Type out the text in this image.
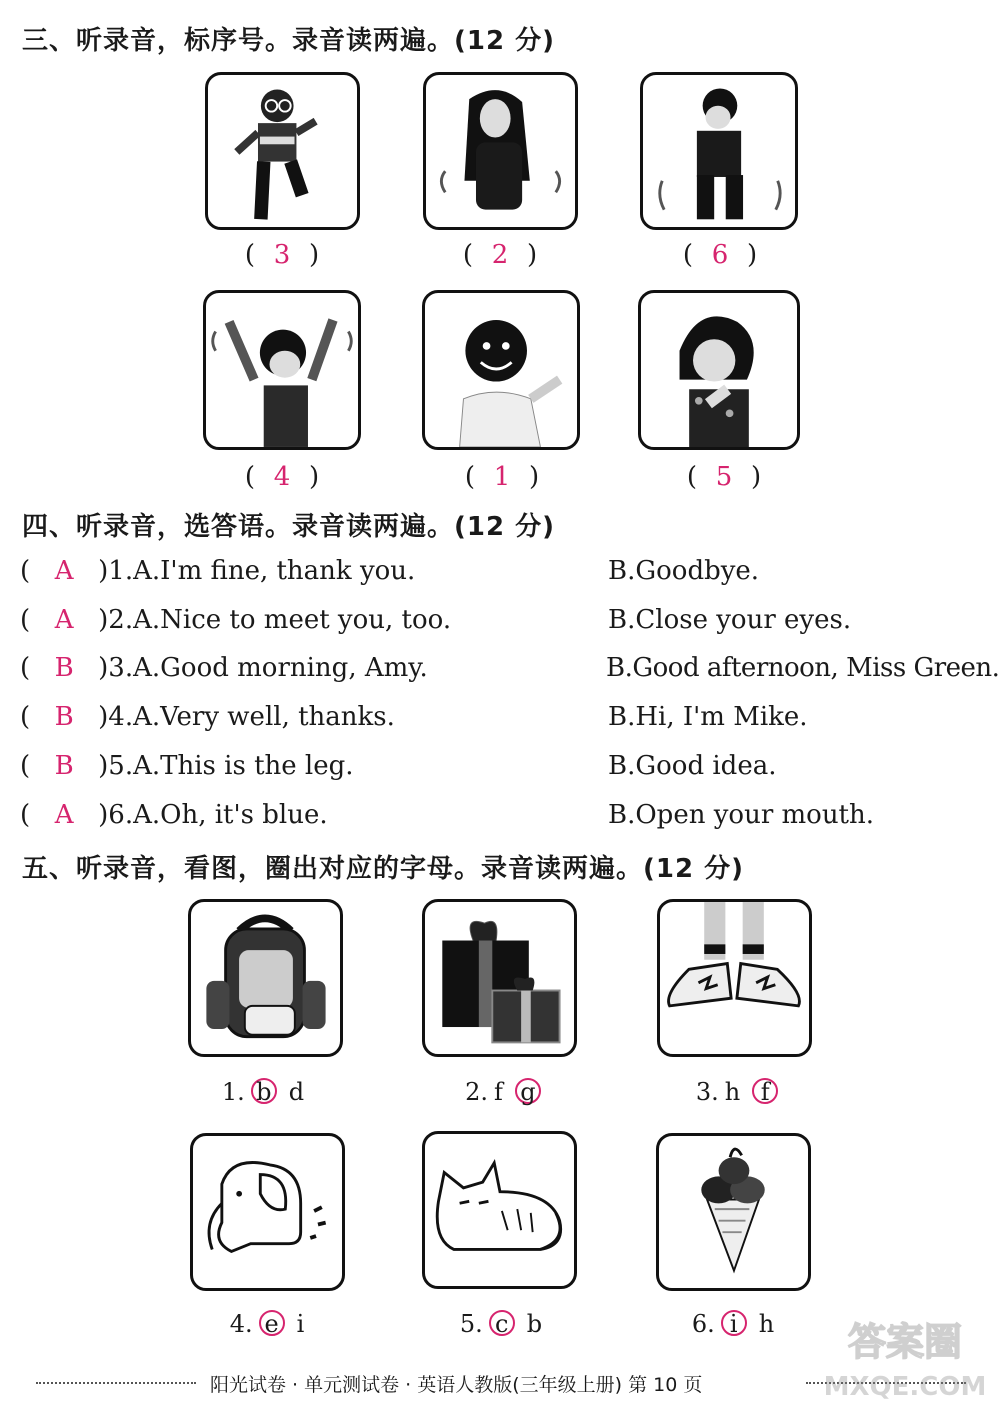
三、听录音，标序号。录音读两遍。(12 分)
( 3 )	( 2 )	( 6 )
( 4 )	( 1 )	( 5 )
四、听录音，选答语。录音读两遍。(12 分)
( A )1.A.I'm fine, thank you.	B.Goodbye.
( A )2.A.Nice to meet you, too.	B.Close your eyes.
( B )3.A.Good morning, Amy.	B.Good afternoon, Miss Green.
( B )4.A.Very well, thanks.	B.Hi, I'm Mike.
( B )5.A.This is the leg.	B.Good idea.
( A )6.A.Oh, it's blue.	B.Open your mouth.
五、听录音，看图，圈出对应的字母。录音读两遍。(12 分)
1. b d	2. f g	3. h f
4. e i	5. c b	6. i h
阳光试卷 · 单元测试卷 · 英语人教版(三年级上册) 第 10 页
答案圈
MXQE.COM
